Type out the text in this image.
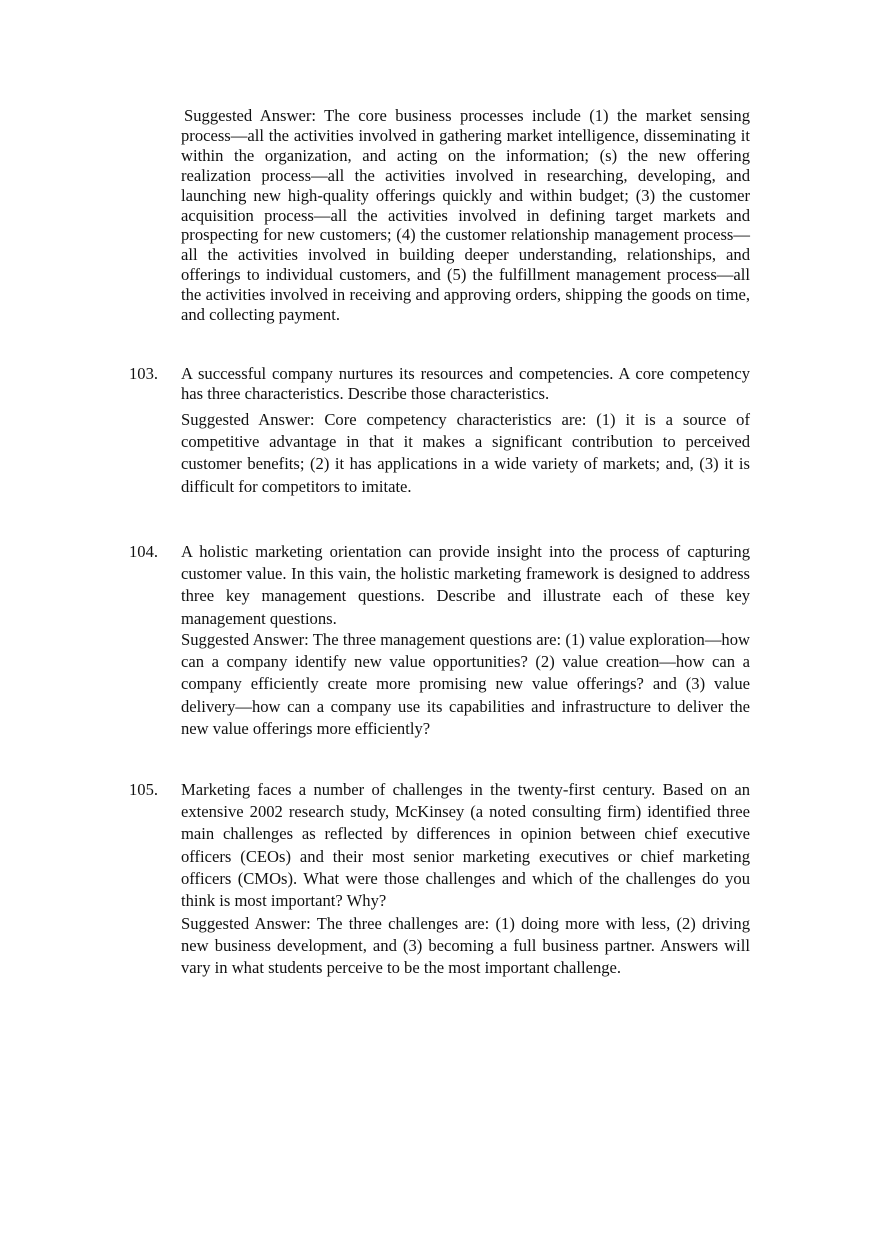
Suggested Answer: The core business processes include (1) the market sensing process—all the activities involved in gathering market intelligence, disseminating it within the organization, and acting on the information; (s) the new offering realization process—all the activities involved in researching, developing, and launching new high-quality offerings quickly and within budget; (3) the customer acquisition process—all the activities involved in defining target markets and prospecting for new customers; (4) the customer relationship management process—all the activities involved in building deeper understanding, relationships, and offerings to individual customers, and (5) the fulfillment management process—all the activities involved in receiving and approving orders, shipping the goods on time, and collecting payment.

103. A successful company nurtures its resources and competencies. A core competency has three characteristics. Describe those characteristics.

Suggested Answer: Core competency characteristics are: (1) it is a source of competitive advantage in that it makes a significant contribution to perceived customer benefits; (2) it has applications in a wide variety of markets; and, (3) it is difficult for competitors to imitate.

104. A holistic marketing orientation can provide insight into the process of capturing customer value. In this vain, the holistic marketing framework is designed to address three key management questions. Describe and illustrate each of these key management questions.

Suggested Answer: The three management questions are: (1) value exploration—how can a company identify new value opportunities? (2) value creation—how can a company efficiently create more promising new value offerings? and (3) value delivery—how can a company use its capabilities and infrastructure to deliver the new value offerings more efficiently?

105. Marketing faces a number of challenges in the twenty-first century. Based on an extensive 2002 research study, McKinsey (a noted consulting firm) identified three main challenges as reflected by differences in opinion between chief executive officers (CEOs) and their most senior marketing executives or chief marketing officers (CMOs). What were those challenges and which of the challenges do you think is most important? Why?

Suggested Answer: The three challenges are: (1) doing more with less, (2) driving new business development, and (3) becoming a full business partner. Answers will vary in what students perceive to be the most important challenge.
